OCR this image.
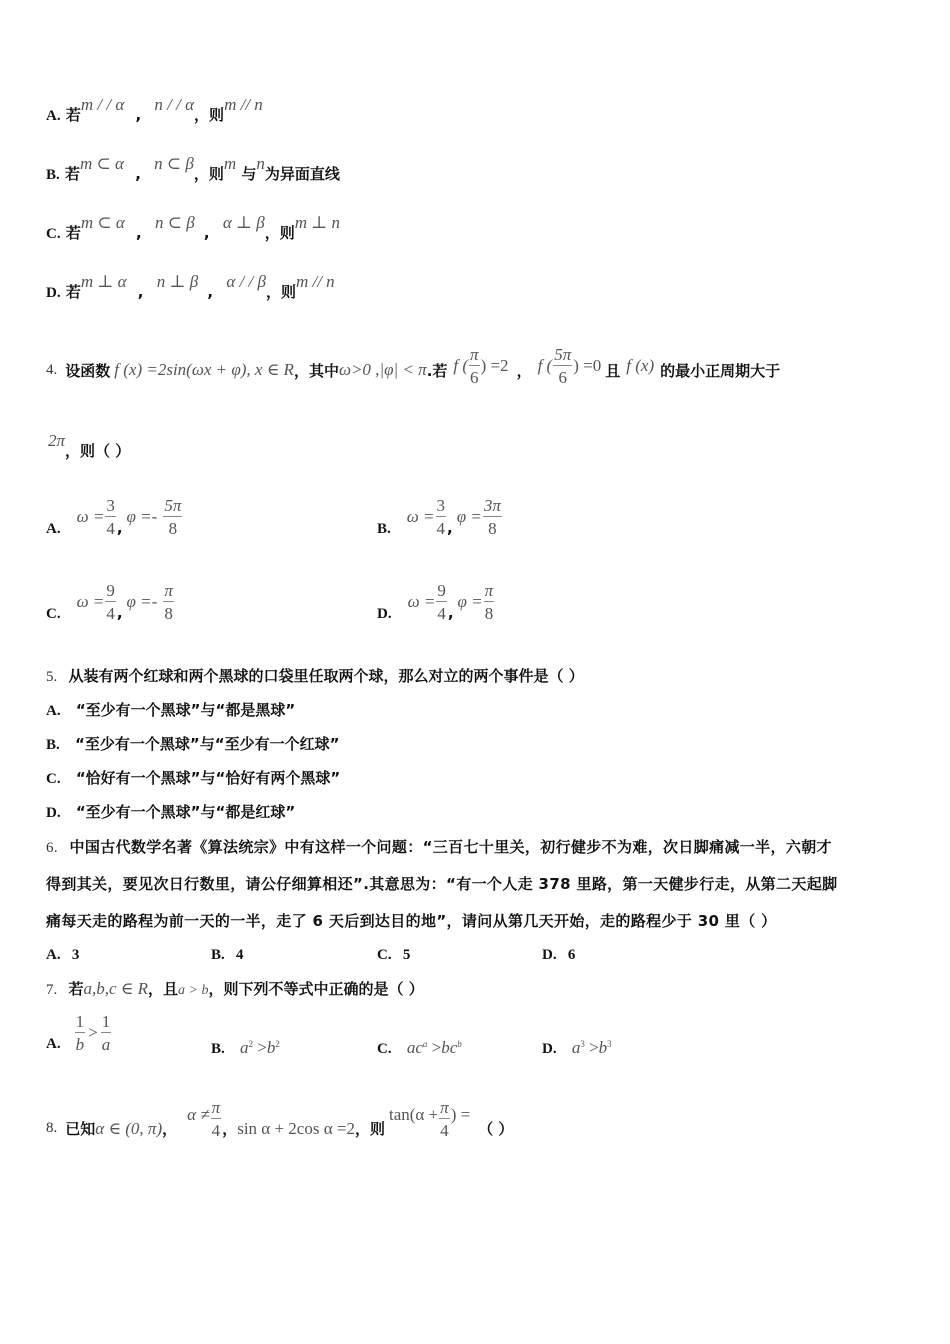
A. 若m / / α , n / / α，则m // n
B. 若m ⊂ α , n ⊂ β，则m 与n为异面直线
C. 若m ⊂ α , n ⊂ β , α ⊥ β，则m ⊥ n
D. 若m ⊥ α , n ⊥ β , α / / β，则m // n
4. 设函数 f (x) =2sin(ωx + φ) , x ∈ R ，其中 ω>0 , |φ| < π .若 f ( $\frac{\pi}{6}$ ) =2 ， f ( $\frac{5\pi}{6}$ ) =0 且 f (x) 的最小正周期大于
2π，则（ ）
A.
$\omega = \frac{3}{4}$ ,
$\varphi =- \frac{5\pi}{8}$	B.
$\omega = \frac{3}{4}$ ,
$\varphi = \frac{3\pi}{8}$
C.
$\omega = \frac{9}{4}$ ,
$\varphi =- \frac{\pi}{8}$	D.
$\omega = \frac{9}{4}$ ,
$\varphi = \frac{\pi}{8}$
5. 从装有两个红球和两个黑球的口袋里任取两个球，那么对立的两个事件是（ ）
A. “至少有一个黑球”与“都是黑球”
B. “至少有一个黑球”与“至少有一个红球”
C. “恰好有一个黑球”与“恰好有两个黑球”
D. “至少有一个黑球”与“都是红球”
6. 中国古代数学名著《算法统宗》中有这样一个问题：“三百七十里关，初行健步不为难，次日脚痛减一半，六朝才
得到其关，要见次日行数里，请公仔细算相还”.其意思为：“有一个人走 378 里路，第一天健步行走，从第二天起脚
痛每天走的路程为前一天的一半，走了 6 天后到达目的地”，请问从第几天开始，走的路程少于 30 里（ ）
A. 3	B. 4	C. 5	D. 6
7. 若a,b,c ∈ R，且a > b，则下列不等式中正确的是（ ）
A. $\frac{1}{b} > \frac{1}{a}$	B. $a^2 >b^2$	C. $ac^a >bc^b$	D. $a^3 >b^3$
8. 已知 α ∈ (0, π) ，
$\alpha \ne \frac{\pi}{4}$ ， sin α + 2cos α =2 ，则
$\tan(\alpha + \frac{\pi}{4}$ ) =
（ ）
